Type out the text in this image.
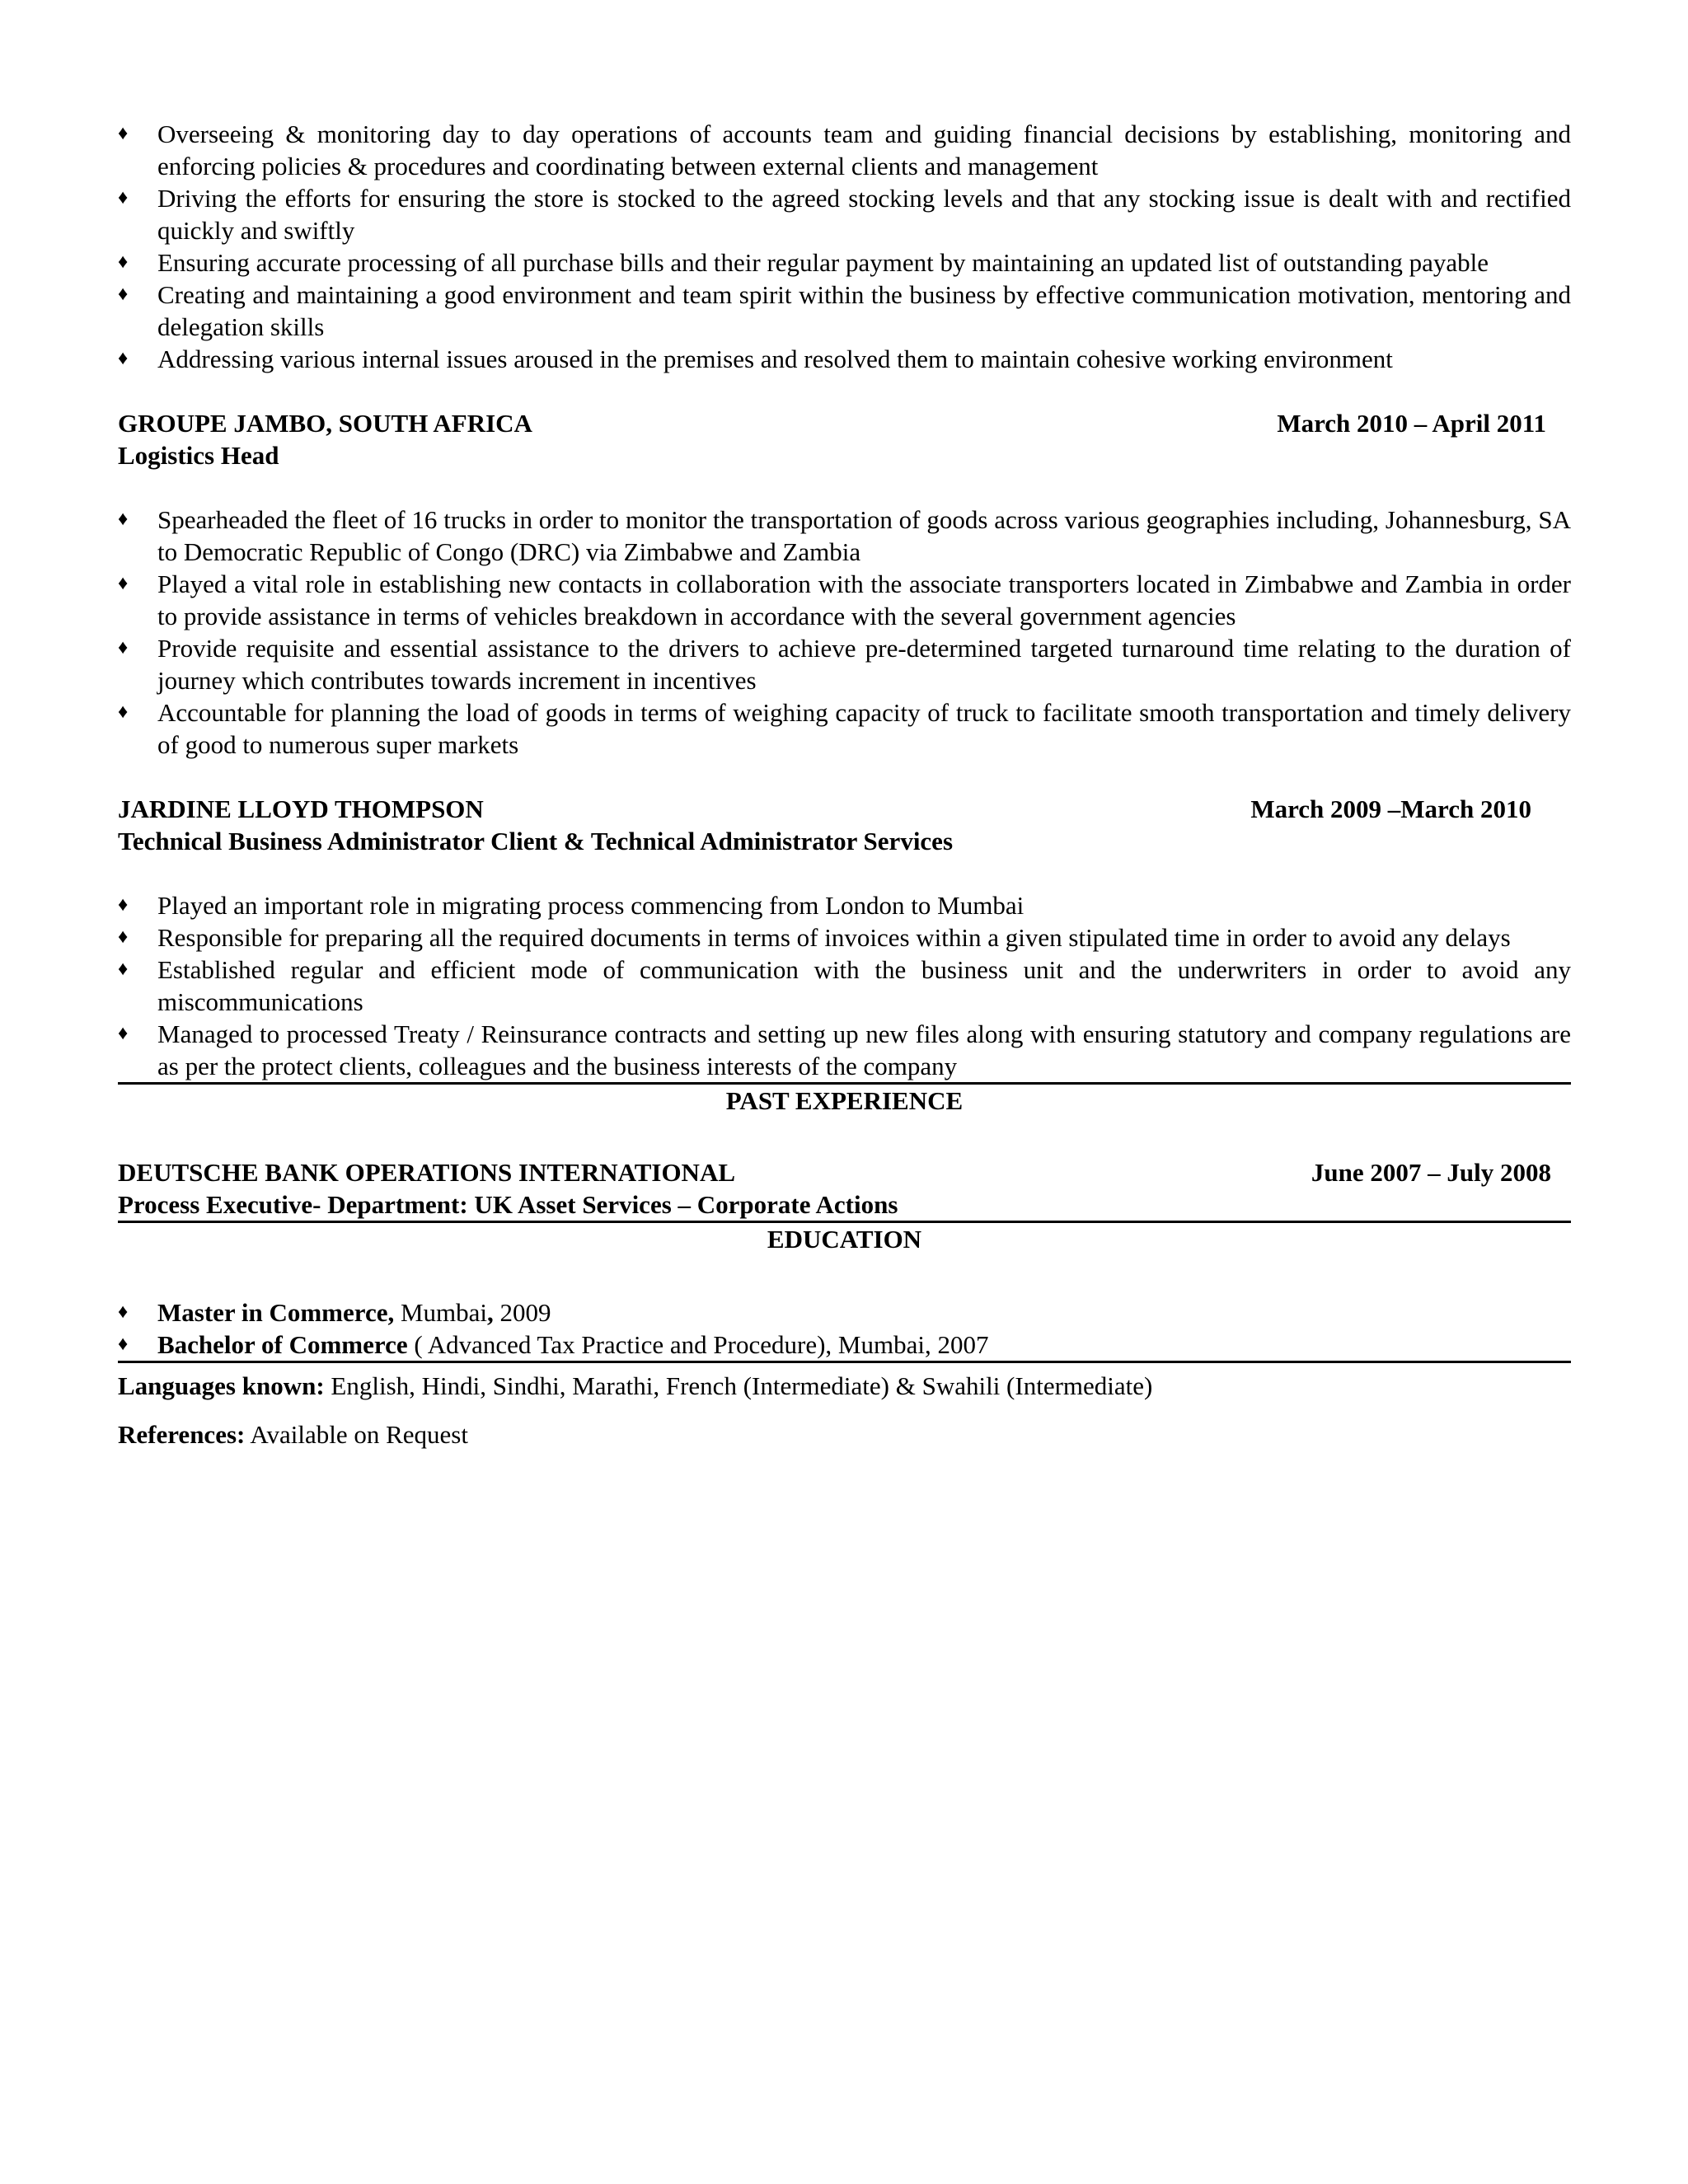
♦ Overseeing & monitoring day to day operations of accounts team and guiding financial decisions by establishing, monitoring and enforcing policies & procedures and coordinating between external clients and management
♦ Driving the efforts for ensuring the store is stocked to the agreed stocking levels and that any stocking issue is dealt with and rectified quickly and swiftly
♦ Ensuring accurate processing of all purchase bills and their regular payment by maintaining an updated list of outstanding payable
♦ Creating and maintaining a good environment and team spirit within the business by effective communication motivation, mentoring and delegation skills
♦ Addressing various internal issues aroused in the premises and resolved them to maintain cohesive working environment
GROUPE JAMBO, SOUTH AFRICA	March 2010 – April 2011
Logistics Head
♦ Spearheaded the fleet of 16 trucks in order to monitor the transportation of goods across various geographies including, Johannesburg, SA to Democratic Republic of Congo (DRC) via Zimbabwe and Zambia
♦ Played a vital role in establishing new contacts in collaboration with the associate transporters located in Zimbabwe and Zambia in order to provide assistance in terms of vehicles breakdown in accordance with the several government agencies
♦ Provide requisite and essential assistance to the drivers to achieve pre-determined targeted turnaround time relating to the duration of journey which contributes towards increment in incentives
♦ Accountable for planning the load of goods in terms of weighing capacity of truck to facilitate smooth transportation and timely delivery of good to numerous super markets
JARDINE LLOYD THOMPSON	March 2009 –March 2010
Technical Business Administrator Client & Technical Administrator Services
♦ Played an important role in migrating process commencing from London to Mumbai
♦ Responsible for preparing all the required documents in terms of invoices within a given stipulated time in order to avoid any delays
♦ Established regular and efficient mode of communication with the business unit and the underwriters in order to avoid any miscommunications
♦ Managed to processed Treaty / Reinsurance contracts and setting up new files along with ensuring statutory and company regulations are as per the protect clients, colleagues and the business interests of the company
PAST EXPERIENCE
DEUTSCHE BANK OPERATIONS INTERNATIONAL	June 2007 – July 2008
Process Executive- Department: UK Asset Services – Corporate Actions
EDUCATION
♦ Master in Commerce, Mumbai, 2009
♦ Bachelor of Commerce ( Advanced Tax Practice and Procedure), Mumbai, 2007
Languages known: English, Hindi, Sindhi, Marathi, French (Intermediate) & Swahili (Intermediate)
References: Available on Request
